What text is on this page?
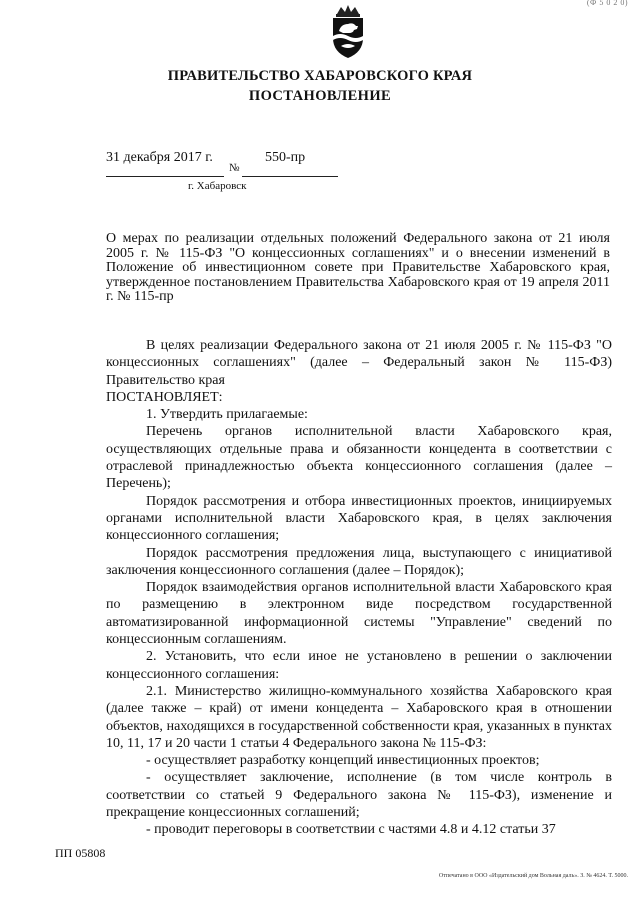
(Ф 5 0 2 0)
ПРАВИТЕЛЬСТВО ХАБАРОВСКОГО КРАЯ
ПОСТАНОВЛЕНИЕ
31 декабря 2017 г.
№
550-пр
г. Хабаровск
О мерах по реализации отдельных положений Федерального закона от 21 июля 2005 г. № 115-ФЗ "О концессионных соглашениях" и о внесении изменений в Положение об инвестиционном совете при Правительстве Хабаровского края, утвержденное постановлением Правительства Хабаровского края от 19 апреля 2011 г. № 115-пр

В целях реализации Федерального закона от 21 июля 2005 г. № 115-ФЗ "О концессионных соглашениях" (далее – Федеральный закон № 115-ФЗ) Правительство края

ПОСТАНОВЛЯЕТ:

1. Утвердить прилагаемые:

Перечень органов исполнительной власти Хабаровского края, осуществляющих отдельные права и обязанности концедента в соответствии с отраслевой принадлежностью объекта концессионного соглашения (далее – Перечень);

Порядок рассмотрения и отбора инвестиционных проектов, инициируемых органами исполнительной власти Хабаровского края, в целях заключения концессионного соглашения;

Порядок рассмотрения предложения лица, выступающего с инициативой заключения концессионного соглашения (далее – Порядок);

Порядок взаимодействия органов исполнительной власти Хабаровского края по размещению в электронном виде посредством государственной автоматизированной информационной системы "Управление" сведений по концессионным соглашениям.

2. Установить, что если иное не установлено в решении о заключении концессионного соглашения:

2.1. Министерство жилищно-коммунального хозяйства Хабаровского края (далее также – край) от имени концедента – Хабаровского края в отношении объектов, находящихся в государственной собственности края, указанных в пунктах 10, 11, 17 и 20 части 1 статьи 4 Федерального закона № 115-ФЗ:

- осуществляет разработку концепций инвестиционных проектов;

- осуществляет заключение, исполнение (в том числе контроль в соответствии со статьей 9 Федерального закона № 115-ФЗ), изменение и прекращение концессионных соглашений;

- проводит переговоры в соответствии с частями 4.8 и 4.12 статьи 37

ПП 05808
Отпечатано в ООО «Издательский дом Вольная даль». З. № 4624. Т. 5000.
